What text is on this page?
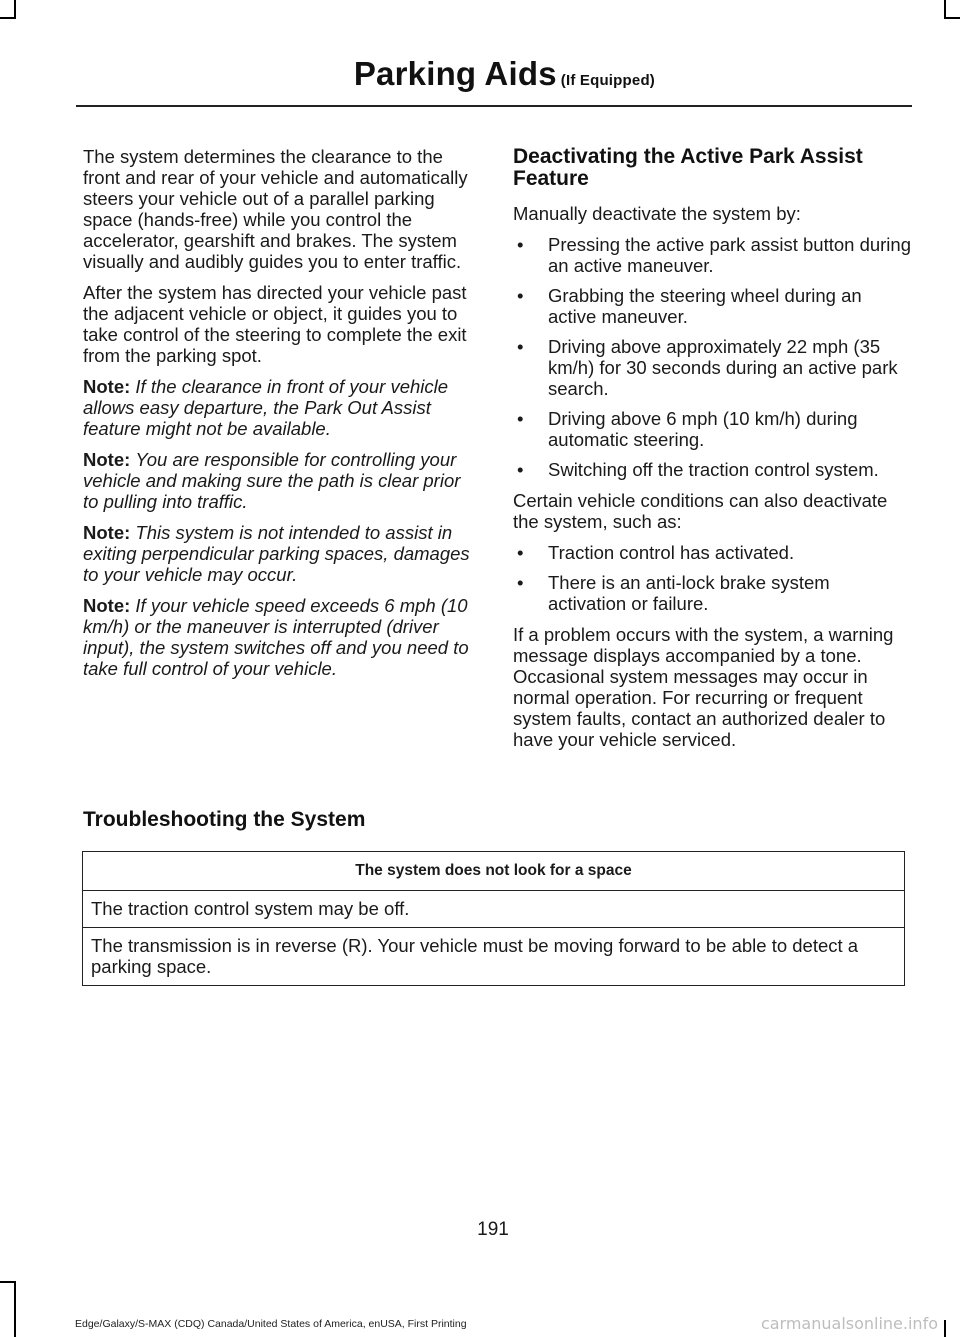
Parking Aids (If Equipped)

The system determines the clearance to the front and rear of your vehicle and automatically steers your vehicle out of a parallel parking space (hands-free) while you control the accelerator, gearshift and brakes. The system visually and audibly guides you to enter traffic.

After the system has directed your vehicle past the adjacent vehicle or object, it guides you to take control of the steering to complete the exit from the parking spot.

Note: If the clearance in front of your vehicle allows easy departure, the Park Out Assist feature might not be available.

Note: You are responsible for controlling your vehicle and making sure the path is clear prior to pulling into traffic.

Note: This system is not intended to assist in exiting perpendicular parking spaces, damages to your vehicle may occur.

Note: If your vehicle speed exceeds 6 mph (10 km/h) or the maneuver is interrupted (driver input), the system switches off and you need to take full control of your vehicle.

Deactivating the Active Park Assist Feature

Manually deactivate the system by:

• Pressing the active park assist button during an active maneuver.
• Grabbing the steering wheel during an active maneuver.
• Driving above approximately 22 mph (35 km/h) for 30 seconds during an active park search.
• Driving above 6 mph (10 km/h) during automatic steering.
• Switching off the traction control system.

Certain vehicle conditions can also deactivate the system, such as:

• Traction control has activated.
• There is an anti-lock brake system activation or failure.

If a problem occurs with the system, a warning message displays accompanied by a tone. Occasional system messages may occur in normal operation. For recurring or frequent system faults, contact an authorized dealer to have your vehicle serviced.

Troubleshooting the System
The system does not look for a space
The traction control system may be off.
The transmission is in reverse (R). Your vehicle must be moving forward to be able to detect a parking space.
191
Edge/Galaxy/S-MAX (CDQ) Canada/United States of America, enUSA, First Printing	carmanualsonline.info
